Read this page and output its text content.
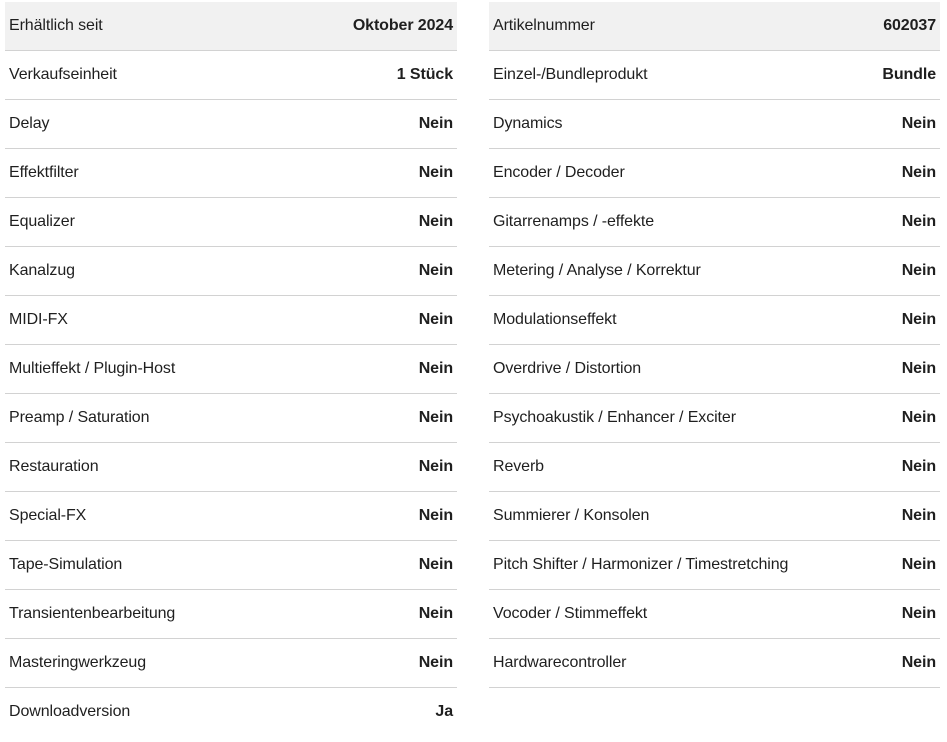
Erhältlich seit	Oktober 2024
Verkaufseinheit	1 Stück
Delay	Nein
Effektfilter	Nein
Equalizer	Nein
Kanalzug	Nein
MIDI-FX	Nein
Multieffekt / Plugin-Host	Nein
Preamp / Saturation	Nein
Restauration	Nein
Special-FX	Nein
Tape-Simulation	Nein
Transientenbearbeitung	Nein
Masteringwerkzeug	Nein
Downloadversion	Ja
Artikelnummer	602037
Einzel-/Bundleprodukt	Bundle
Dynamics	Nein
Encoder / Decoder	Nein
Gitarrenamps / -effekte	Nein
Metering / Analyse / Korrektur	Nein
Modulationseffekt	Nein
Overdrive / Distortion	Nein
Psychoakustik / Enhancer / Exciter	Nein
Reverb	Nein
Summierer / Konsolen	Nein
Pitch Shifter / Harmonizer / Timestretching	Nein
Vocoder / Stimmeffekt	Nein
Hardwarecontroller	Nein
